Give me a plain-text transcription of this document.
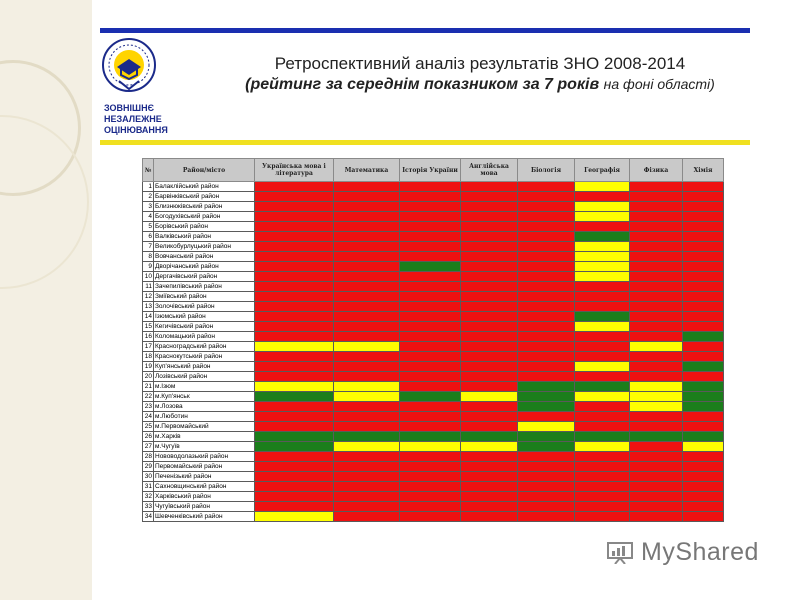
ЗОВНІШНЄ
НЕЗАЛЕЖНЕ
ОЦІНЮВАННЯ
Ретроспективний аналіз результатів ЗНО 2008-2014
(рейтинг за середнім показником за 7 років на фоні області)
№	Район/місто	Українська мова і література	Математика	Історія України	Англійська мова	Біологія	Географія	Фізика	Хімія
1	Балаклійський район								
2	Барвінківський район								
3	Близнюківський район								
4	Богодухівський район								
5	Борівський район								
6	Валківський район								
7	Великобурлуцький район								
8	Вовчанський район								
9	Дворічанський район								
10	Дергачівський район								
11	Зачепилівський район								
12	Зміївський район								
13	Золочівський район								
14	Ізюмський район								
15	Кегичівський район								
16	Коломацький район								
17	Красноградський район								
18	Краснокутський район								
19	Куп'янський район								
20	Лозівський район								
21	м.Ізюм								
22	м.Куп'янськ								
23	м.Лозова								
24	м.Люботин								
25	м.Первомайський								
26	м.Харків								
27	м.Чугуїв								
28	Нововодолазький район								
29	Первомайський район								
30	Печенізький район								
31	Сахновщинський район								
32	Харківський район								
33	Чугуївський район								
34	Шевченківський район								
MyShared
